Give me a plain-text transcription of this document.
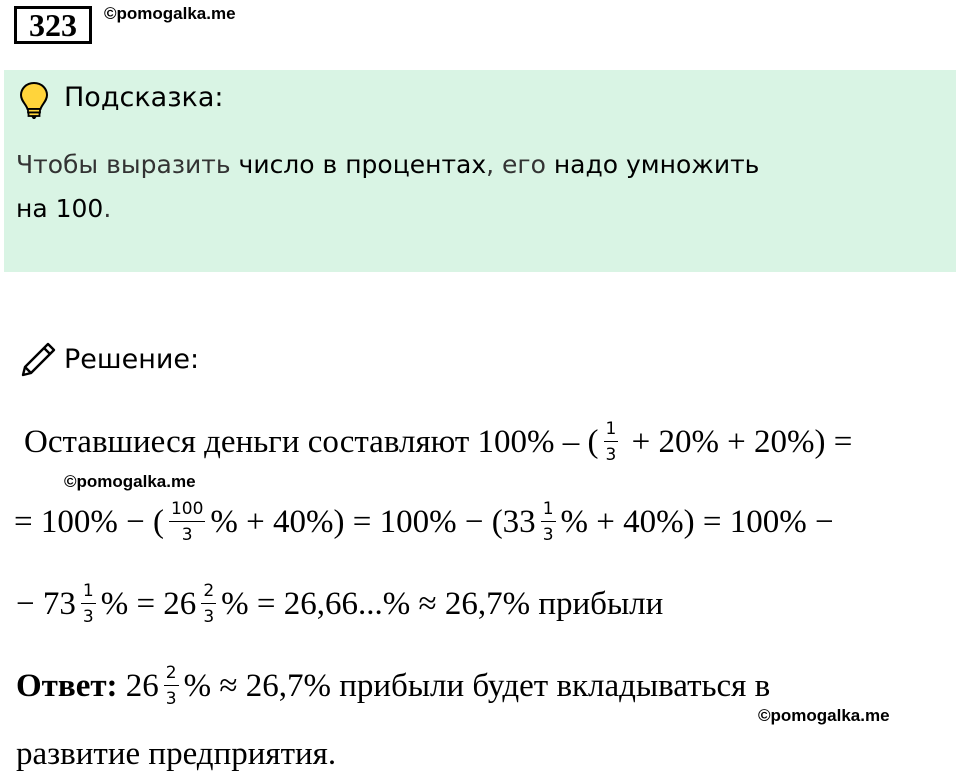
323	©pomogalka.me
Подсказка:
Чтобы выразить число в процентах, его надо умножить
на 100.
Решение:
Оставшиеся деньги составляют 100% – ( $\frac{1}{3} + 20\% + 20\%$) =
©pomogalka.me
= 100% − ( $\frac{100}{3}$ % + $40\%) = 100\% - (33 \frac{1}{3}$ % + 40%) = 100% −
− $73 \frac{1}{3}$ % = $26 \frac{2}{3}$ % = 26,66...% ≈ 26,7% прибыли
Ответ: $26 \frac{2}{3}$ % ≈ 26,7% прибыли будет вкладываться в
©pomogalka.me
развитие предприятия.
